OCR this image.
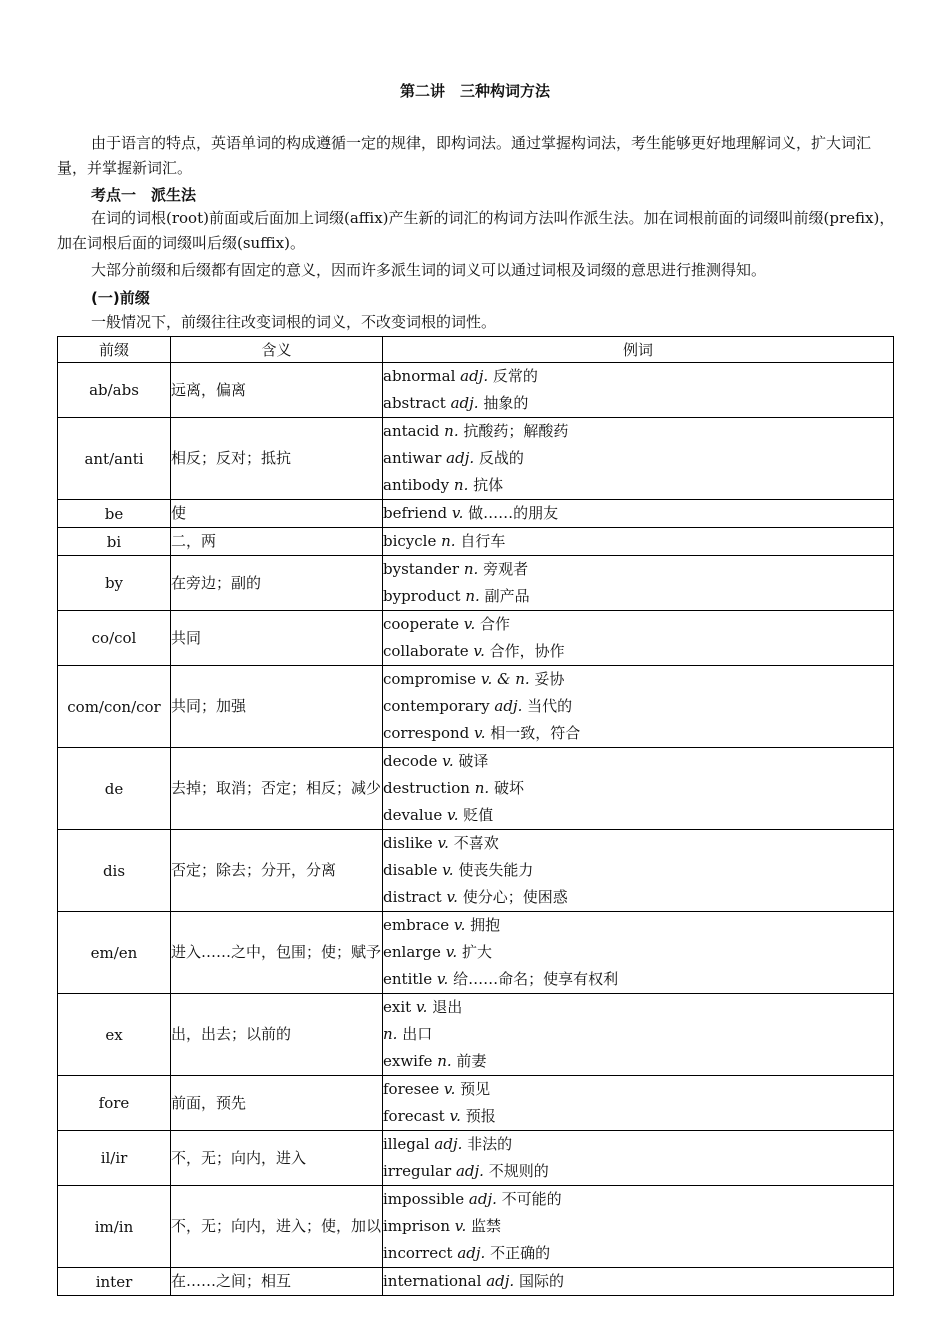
第二讲　三种构词方法
由于语言的特点，英语单词的构成遵循一定的规律，即构词法。通过掌握构词法，考生能够更好地理解词义，扩大词汇量，并掌握新词汇。
考点一　派生法
在词的词根(root)前面或后面加上词缀(affix)产生新的词汇的构词方法叫作派生法。加在词根前面的词缀叫前缀(prefix)，加在词根后面的词缀叫后缀(suffix)。
大部分前缀和后缀都有固定的意义，因而许多派生词的词义可以通过词根及词缀的意思进行推测得知。
(一)前缀
一般情况下，前缀往往改变词根的词义，不改变词根的词性。
前缀	含义	例词
ab/abs	远离，偏离	abnormal adj. 反常的
abstract adj. 抽象的

ant/anti	相反；反对；抵抗	antacid n. 抗酸药；解酸药
antiwar adj. 反战的
antibody n. 抗体

be	使	befriend v. 做……的朋友

bi	二，两	bicycle n. 自行车

by	在旁边；副的	bystander n. 旁观者
byproduct n. 副产品

co/col	共同	cooperate v. 合作
collaborate v. 合作，协作

com/con/cor	共同；加强	compromise v. & n. 妥协
contemporary adj. 当代的
correspond v. 相一致，符合

de	去掉；取消；否定；相反；减少	decode v. 破译
destruction n. 破坏
devalue v. 贬值

dis	否定；除去；分开，分离	dislike v. 不喜欢
disable v. 使丧失能力
distract v. 使分心；使困惑

em/en	进入……之中，包围；使；赋予	embrace v. 拥抱
enlarge v. 扩大
entitle v. 给……命名；使享有权利

ex	出，出去；以前的	exit v. 退出
n. 出口
exwife n. 前妻

fore	前面，预先	foresee v. 预见
forecast v. 预报

il/ir	不，无；向内，进入	illegal adj. 非法的
irregular adj. 不规则的

im/in	不，无；向内，进入；使，加以	impossible adj. 不可能的
imprison v. 监禁
incorrect adj. 不正确的

inter	在……之间；相互	international adj. 国际的
